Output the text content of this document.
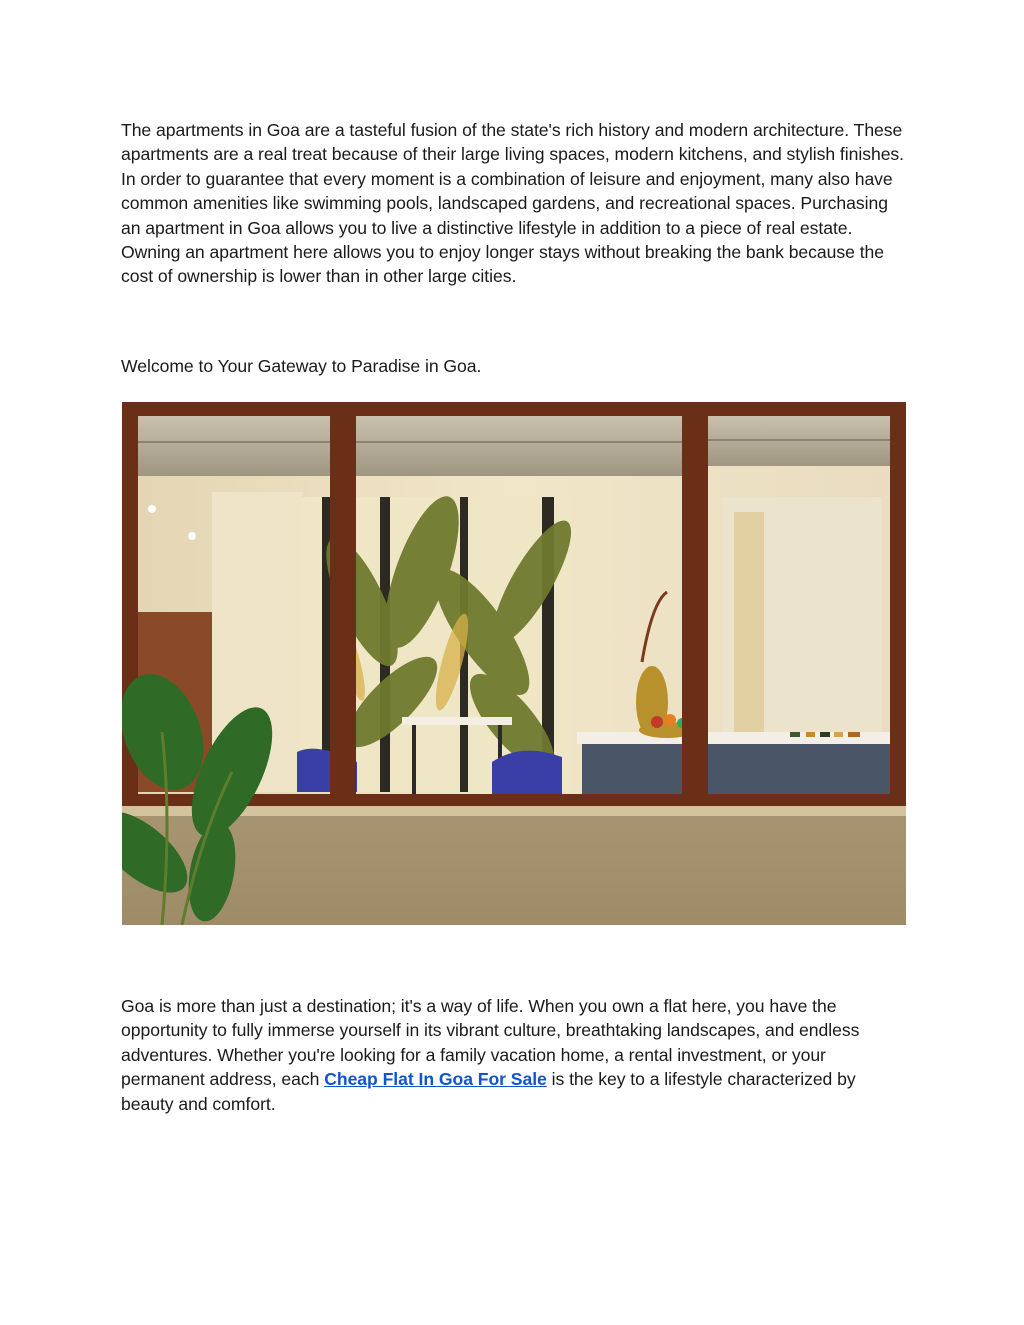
The apartments in Goa are a tasteful fusion of the state's rich history and modern architecture. These apartments are a real treat because of their large living spaces, modern kitchens, and stylish finishes. In order to guarantee that every moment is a combination of leisure and enjoyment, many also have common amenities like swimming pools, landscaped gardens, and recreational spaces. Purchasing an apartment in Goa allows you to live a distinctive lifestyle in addition to a piece of real estate. Owning an apartment here allows you to enjoy longer stays without breaking the bank because the cost of ownership is lower than in other large cities.

Welcome to Your Gateway to Paradise in Goa.

Goa is more than just a destination; it's a way of life. When you own a flat here, you have the opportunity to fully immerse yourself in its vibrant culture, breathtaking landscapes, and endless adventures. Whether you're looking for a family vacation home, a rental investment, or your permanent address, each Cheap Flat In Goa For Sale is the key to a lifestyle characterized by beauty and comfort.
